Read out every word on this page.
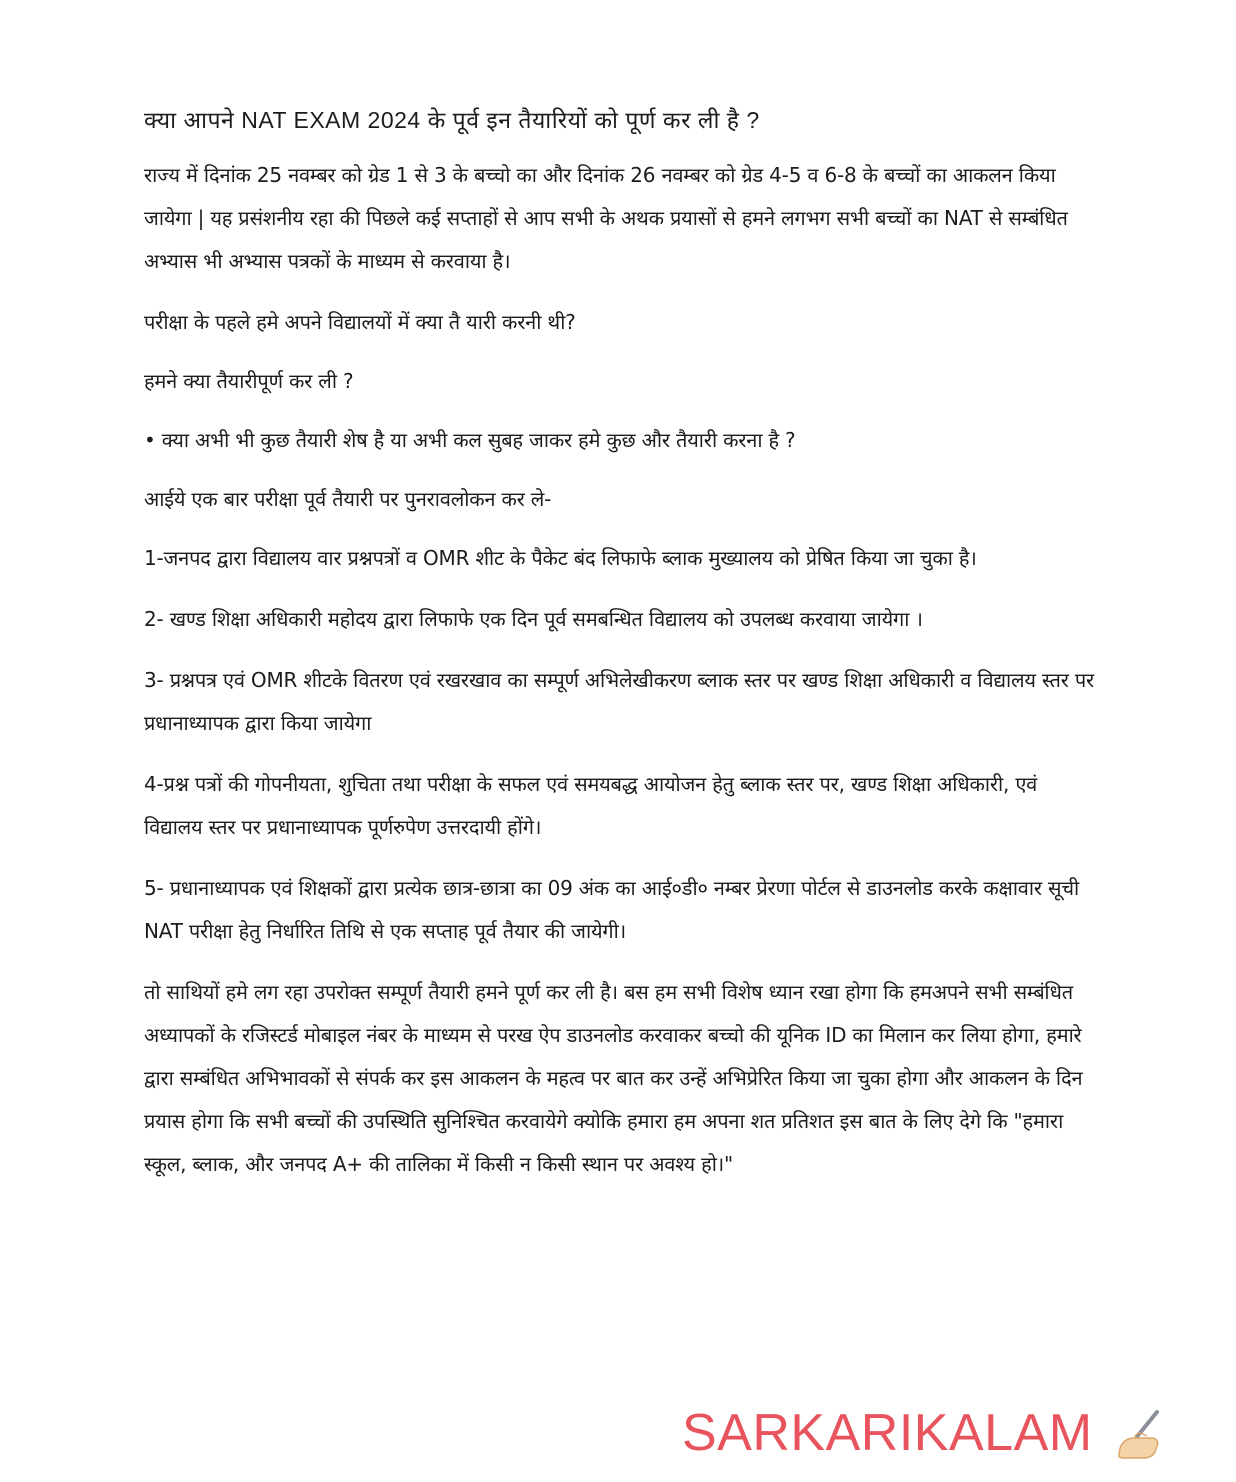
क्या आपने NAT EXAM 2024 के पूर्व इन तैयारियों को पूर्ण कर ली है ?

राज्य में दिनांक 25 नवम्बर को ग्रेड 1 से 3 के बच्चो का और दिनांक 26 नवम्बर को ग्रेड 4-5 व 6-8 के बच्चों का आकलन किया जायेगा | यह प्रसंशनीय रहा की पिछले कई सप्ताहों से आप सभी के अथक प्रयासों से हमने लगभग सभी बच्चों का NAT से सम्बंधित अभ्यास भी अभ्यास पत्रकों के माध्यम से करवाया है।

परीक्षा के पहले हमे अपने विद्यालयों में क्या तै यारी करनी थी?

हमने क्या तैयारीपूर्ण कर ली ?

• क्या अभी भी कुछ तैयारी शेष है या अभी कल सुबह जाकर हमे कुछ और तैयारी करना है ?

आईये एक बार परीक्षा पूर्व तैयारी पर पुनरावलोकन कर ले-

1-जनपद द्वारा विद्यालय वार प्रश्नपत्रों व OMR शीट के पैकेट बंद लिफाफे ब्लाक मुख्यालय को प्रेषित किया जा चुका है।

2- खण्ड शिक्षा अधिकारी महोदय द्वारा लिफाफे एक दिन पूर्व समबन्धित विद्यालय को उपलब्ध करवाया जायेगा ।

3- प्रश्नपत्र एवं OMR शीटके वितरण एवं रखरखाव का सम्पूर्ण अभिलेखीकरण ब्लाक स्तर पर खण्ड शिक्षा अधिकारी व विद्यालय स्तर पर प्रधानाध्यापक द्वारा किया जायेगा

4-प्रश्न पत्रों की गोपनीयता, शुचिता तथा परीक्षा के सफल एवं समयबद्ध आयोजन हेतु ब्लाक स्तर पर, खण्ड शिक्षा अधिकारी, एवं विद्यालय स्तर पर प्रधानाध्यापक पूर्णरुपेण उत्तरदायी होंगे।

5- प्रधानाध्यापक एवं शिक्षकों द्वारा प्रत्येक छात्र-छात्रा का 09 अंक का आई०डी० नम्बर प्रेरणा पोर्टल से डाउनलोड करके कक्षावार सूची NAT परीक्षा हेतु निर्धारित तिथि से एक सप्ताह पूर्व तैयार की जायेगी।

तो साथियों हमे लग रहा उपरोक्त सम्पूर्ण तैयारी हमने पूर्ण कर ली है। बस हम सभी विशेष ध्यान रखा होगा कि हमअपने सभी सम्बंधित अध्यापकों के रजिस्टर्ड मोबाइल नंबर के माध्यम से परख ऐप डाउनलोड करवाकर बच्चो की यूनिक ID का मिलान कर लिया होगा, हमारे द्वारा सम्बंधित अभिभावकों से संपर्क कर इस आकलन के महत्व पर बात कर उन्हें अभिप्रेरित किया जा चुका होगा और आकलन के दिन प्रयास होगा कि सभी बच्चों की उपस्थिति सुनिश्चित करवायेगे क्योकि हमारा हम अपना शत प्रतिशत इस बात के लिए देगे कि "हमारा स्कूल, ब्लाक, और जनपद A+ की तालिका में किसी न किसी स्थान पर अवश्य हो।"

SARKARIKALAM
